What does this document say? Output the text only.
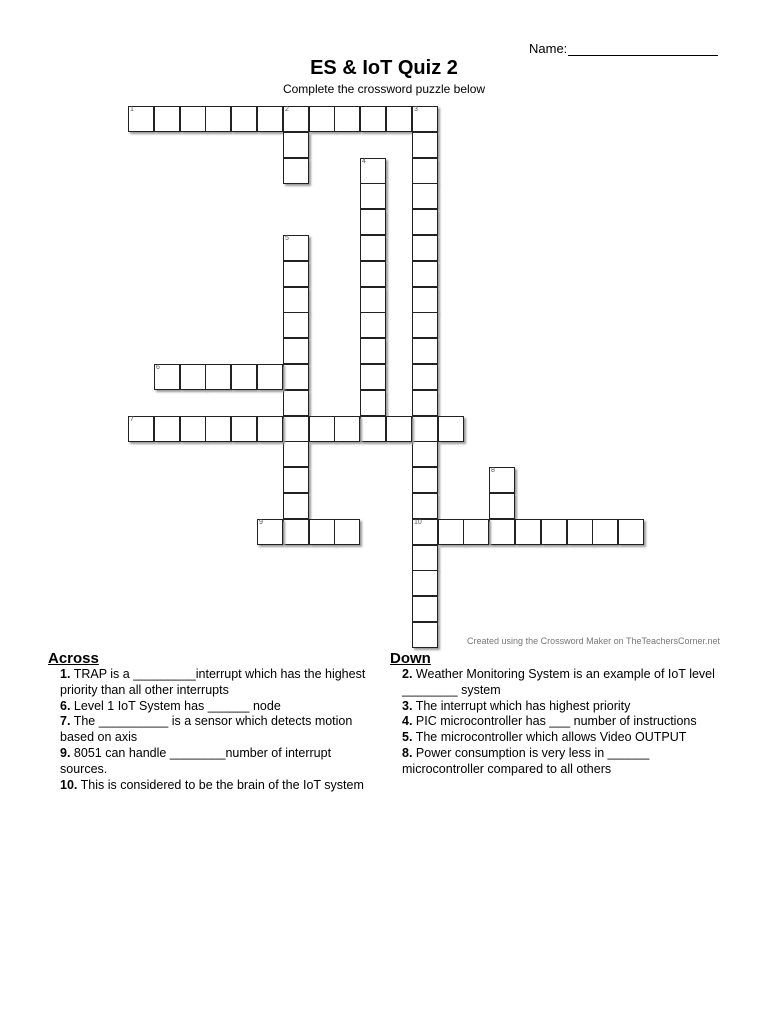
Name:
ES & IoT Quiz 2
Complete the crossword puzzle below
1	2	3
10
4
5
6
7
8
9
Created using the Crossword Maker on TheTeachersCorner.net
Across
1. TRAP is a _________interrupt which has the highest priority than all other interrupts
6. Level 1 IoT System has ______ node
7. The __________ is a sensor which detects motion based on axis
9. 8051 can handle ________number of interrupt sources.
10. This is considered to be the brain of the IoT system
Down
2. Weather Monitoring System is an example of IoT level ________ system
3. The interrupt which has highest priority
4. PIC microcontroller has ___ number of instructions
5. The microcontroller which allows Video OUTPUT
8. Power consumption is very less in ______ microcontroller compared to all others
